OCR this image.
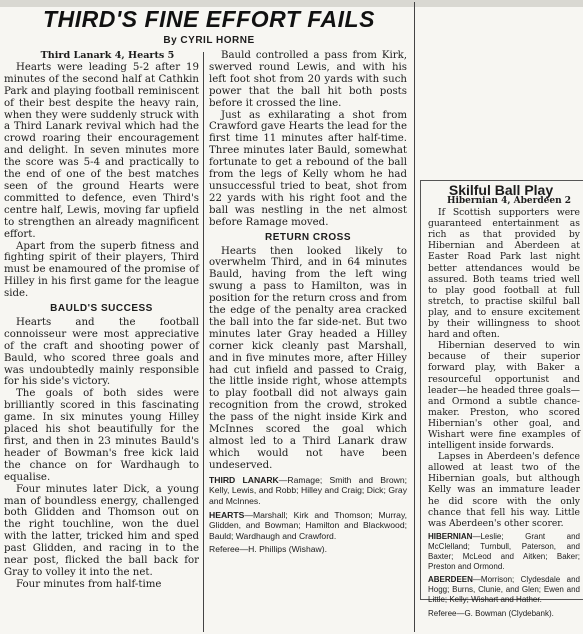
THIRD'S FINE EFFORT FAILS
By CYRIL HORNE

Third Lanark 4, Hearts 5

Hearts were leading 5-2 after 19 minutes of the second half at Cathkin Park and playing football reminiscent of their best despite the heavy rain, when they were suddenly struck with a Third Lanark revival which had the crowd roaring their encouragement and delight. In seven minutes more the score was 5-4 and practically to the end of one of the best matches seen of the ground Hearts were committed to defence, even Third's centre half, Lewis, moving far upfield to strengthen an already magnificent effort.

Apart from the superb fitness and fighting spirit of their players, Third must be enamoured of the promise of Hilley in his first game for the league side.

BAULD'S SUCCESS

Hearts and the football connoisseur were most appreciative of the craft and shooting power of Bauld, who scored three goals and was undoubtedly mainly responsible for his side's victory.

The goals of both sides were brilliantly scored in this fascinating game. In six minutes young Hilley placed his shot beautifully for the first, and then in 23 minutes Bauld's header of Bowman's free kick laid the chance on for Wardhaugh to equalise.

Four minutes later Dick, a young man of boundless energy, challenged both Glidden and Thomson out on the right touchline, won the duel with the latter, tricked him and sped past Glidden, and racing in to the near post, flicked the ball back for Gray to volley it into the net.

Four minutes from half-time

Bauld controlled a pass from Kirk, swerved round Lewis, and with his left foot shot from 20 yards with such power that the ball hit both posts before it crossed the line.

Just as exhilarating a shot from Crawford gave Hearts the lead for the first time 11 minutes after half-time. Three minutes later Bauld, somewhat fortunate to get a rebound of the ball from the legs of Kelly whom he had unsuccessful tried to beat, shot from 22 yards with his right foot and the ball was nestling in the net almost before Ramage moved.

RETURN CROSS

Hearts then looked likely to overwhelm Third, and in 64 minutes Bauld, having from the left wing swung a pass to Hamilton, was in position for the return cross and from the edge of the penalty area cracked the ball into the far side-net. But two minutes later Gray headed a Hilley corner kick cleanly past Marshall, and in five minutes more, after Hilley had cut infield and passed to Craig, the little inside right, whose attempts to play football did not always gain recognition from the crowd, stroked the pass of the night inside Kirk and McInnes scored the goal which almost led to a Third Lanark draw which would not have been undeserved.

THIRD LANARK—Ramage; Smith and Brown; Kelly, Lewis, and Robb; Hilley and Craig; Dick; Gray and McInnes.

HEARTS—Marshall; Kirk and Thomson; Murray, Glidden, and Bowman; Hamilton and Blackwood; Bauld; Wardhaugh and Crawford.

Referee—H. Phillips (Wishaw).

Skilful Ball Play

Hibernian 4, Aberdeen 2

If Scottish supporters were guaranteed entertainment as rich as that provided by Hibernian and Aberdeen at Easter Road Park last night better attendances would be assured. Both teams tried well to play good football at full stretch, to practise skilful ball play, and to ensure excitement by their willingness to shoot hard and often.

Hibernian deserved to win because of their superior forward play, with Baker a resourceful opportunist and leader—he headed three goals—and Ormond a subtle chance-maker. Preston, who scored Hibernian's other goal, and Wishart were fine examples of intelligent inside forwards.

Lapses in Aberdeen's defence allowed at least two of the Hibernian goals, but although Kelly was an immature leader he did score with the only chance that fell his way. Little was Aberdeen's other scorer.

HIBERNIAN—Leslie; Grant and McClelland; Turnbull, Paterson, and Baxter; McLeod and Aitken; Baker; Preston and Ormond.

ABERDEEN—Morrison; Clydesdale and Hogg; Burns, Clunie, and Glen; Ewen and Little; Kelly; Wishart and Hather.

Referee—G. Bowman (Clydebank).
